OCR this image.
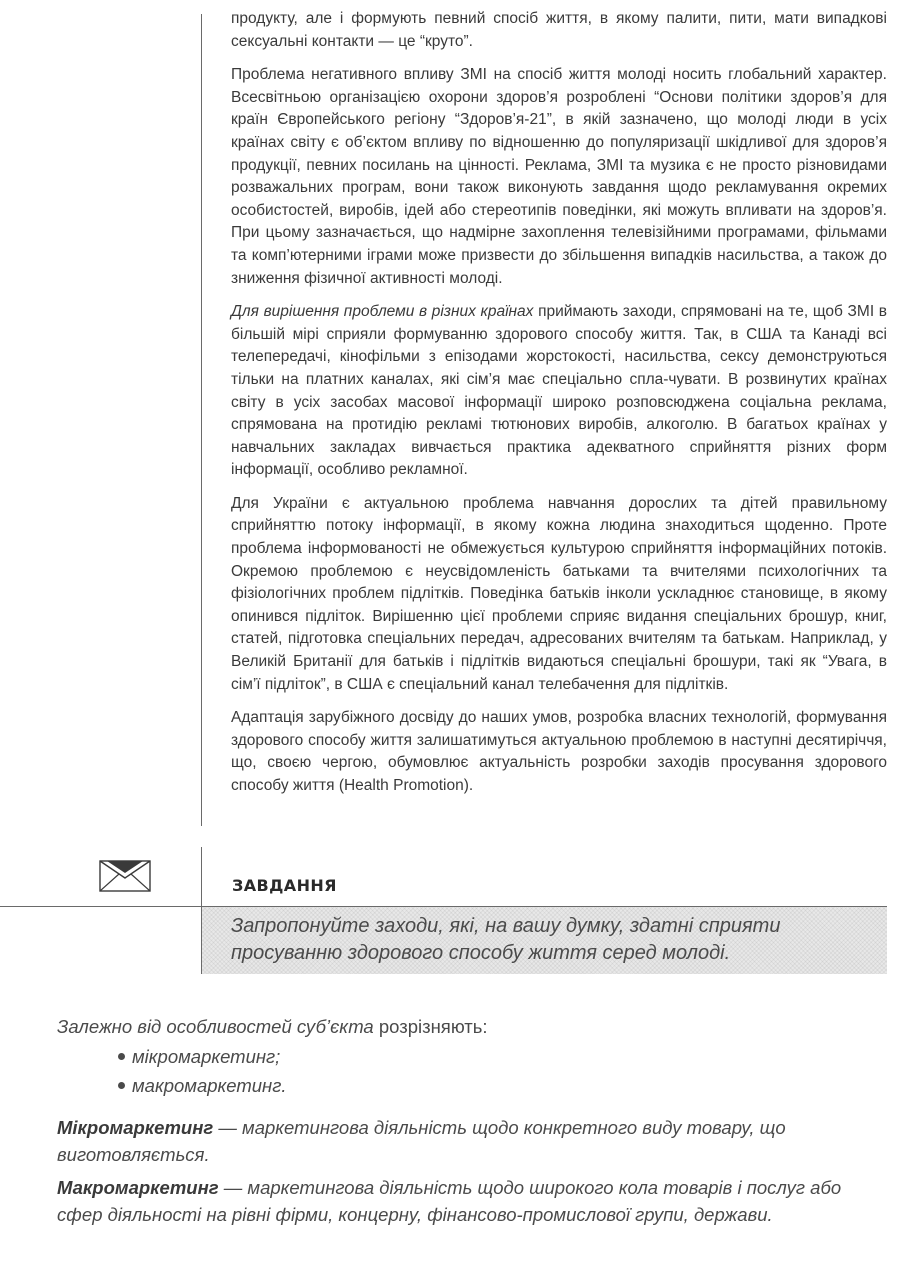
продукту, але і формують певний спосіб життя, в якому палити, пити, мати випадкові сексуальні контакти — це “круто”.

Проблема негативного впливу ЗМІ на спосіб життя молоді носить глобальний характер. Всесвітньою організацією охорони здоров’я розроблені “Основи політики здоров’я для країн Європейського регіону “Здоров’я-21”, в якій зазначено, що молоді люди в усіх країнах світу є об’єктом впливу по відношенню до популяризації шкідливої для здоров’я продукції, певних посилань на цінності. Реклама, ЗМІ та музика є не просто різновидами розважальних програм, вони також виконують завдання щодо рекламування окремих особистостей, виробів, ідей або стереотипів поведінки, які можуть впливати на здоров’я. При цьому зазначається, що надмірне захоплення телевізійними програмами, фільмами та комп’ютерними іграми може призвести до збільшення випадків насильства, а також до зниження фізичної активності молоді.

Для вирішення проблеми в різних країнах приймають заходи, спрямовані на те, щоб ЗМІ в більшій мірі сприяли формуванню здорового способу життя. Так, в США та Канаді всі телепередачі, кінофільми з епізодами жорстокості, насильства, сексу демонструються тільки на платних каналах, які сім’я має спеціально спла-чувати. В розвинутих країнах світу в усіх засобах масової інформації широко розповсюджена соціальна реклама, спрямована на протидію рекламі тютюнових виробів, алкоголю. В багатьох країнах у навчальних закладах вивчається практика адекватного сприйняття різних форм інформації, особливо рекламної.

Для України є актуальною проблема навчання дорослих та дітей правильному сприйняттю потоку інформації, в якому кожна людина знаходиться щоденно. Проте проблема інформованості не обмежується культурою сприйняття інформаційних потоків. Окремою проблемою є неусвідомленість батьками та вчителями психологічних та фізіологічних проблем підлітків. Поведінка батьків інколи ускладнює становище, в якому опинився підліток. Вирішенню цієї проблеми сприяє видання спеціальних брошур, книг, статей, підготовка спеціальних передач, адресованих вчителям та батькам. Наприклад, у Великій Британії для батьків і підлітків видаються спеціальні брошури, такі як “Увага, в сім’ї підліток”, в США є спеціальний канал телебачення для підлітків.

Адаптація зарубіжного досвіду до наших умов, розробка власних технологій, формування здорового способу життя залишатимуться актуальною проблемою в наступні десятиріччя, що, своєю чергою, обумовлює актуальність розробки заходів просування здорового способу життя (Health Promotion).

ЗАВДАННЯ
Запропонуйте заходи, які, на вашу думку, здатні сприяти просуванню здорового способу життя серед молоді.
Залежно від особливостей суб’єкта розрізняють:
мікромаркетинг;
макромаркетинг.
Мікромаркетинг — маркетингова діяльність щодо конкретного виду товару, що виготовляється.
Макромаркетинг — маркетингова діяльність щодо широкого кола товарів і послуг або сфер діяльності на рівні фірми, концерну, фінансово-промислової групи, держави.
